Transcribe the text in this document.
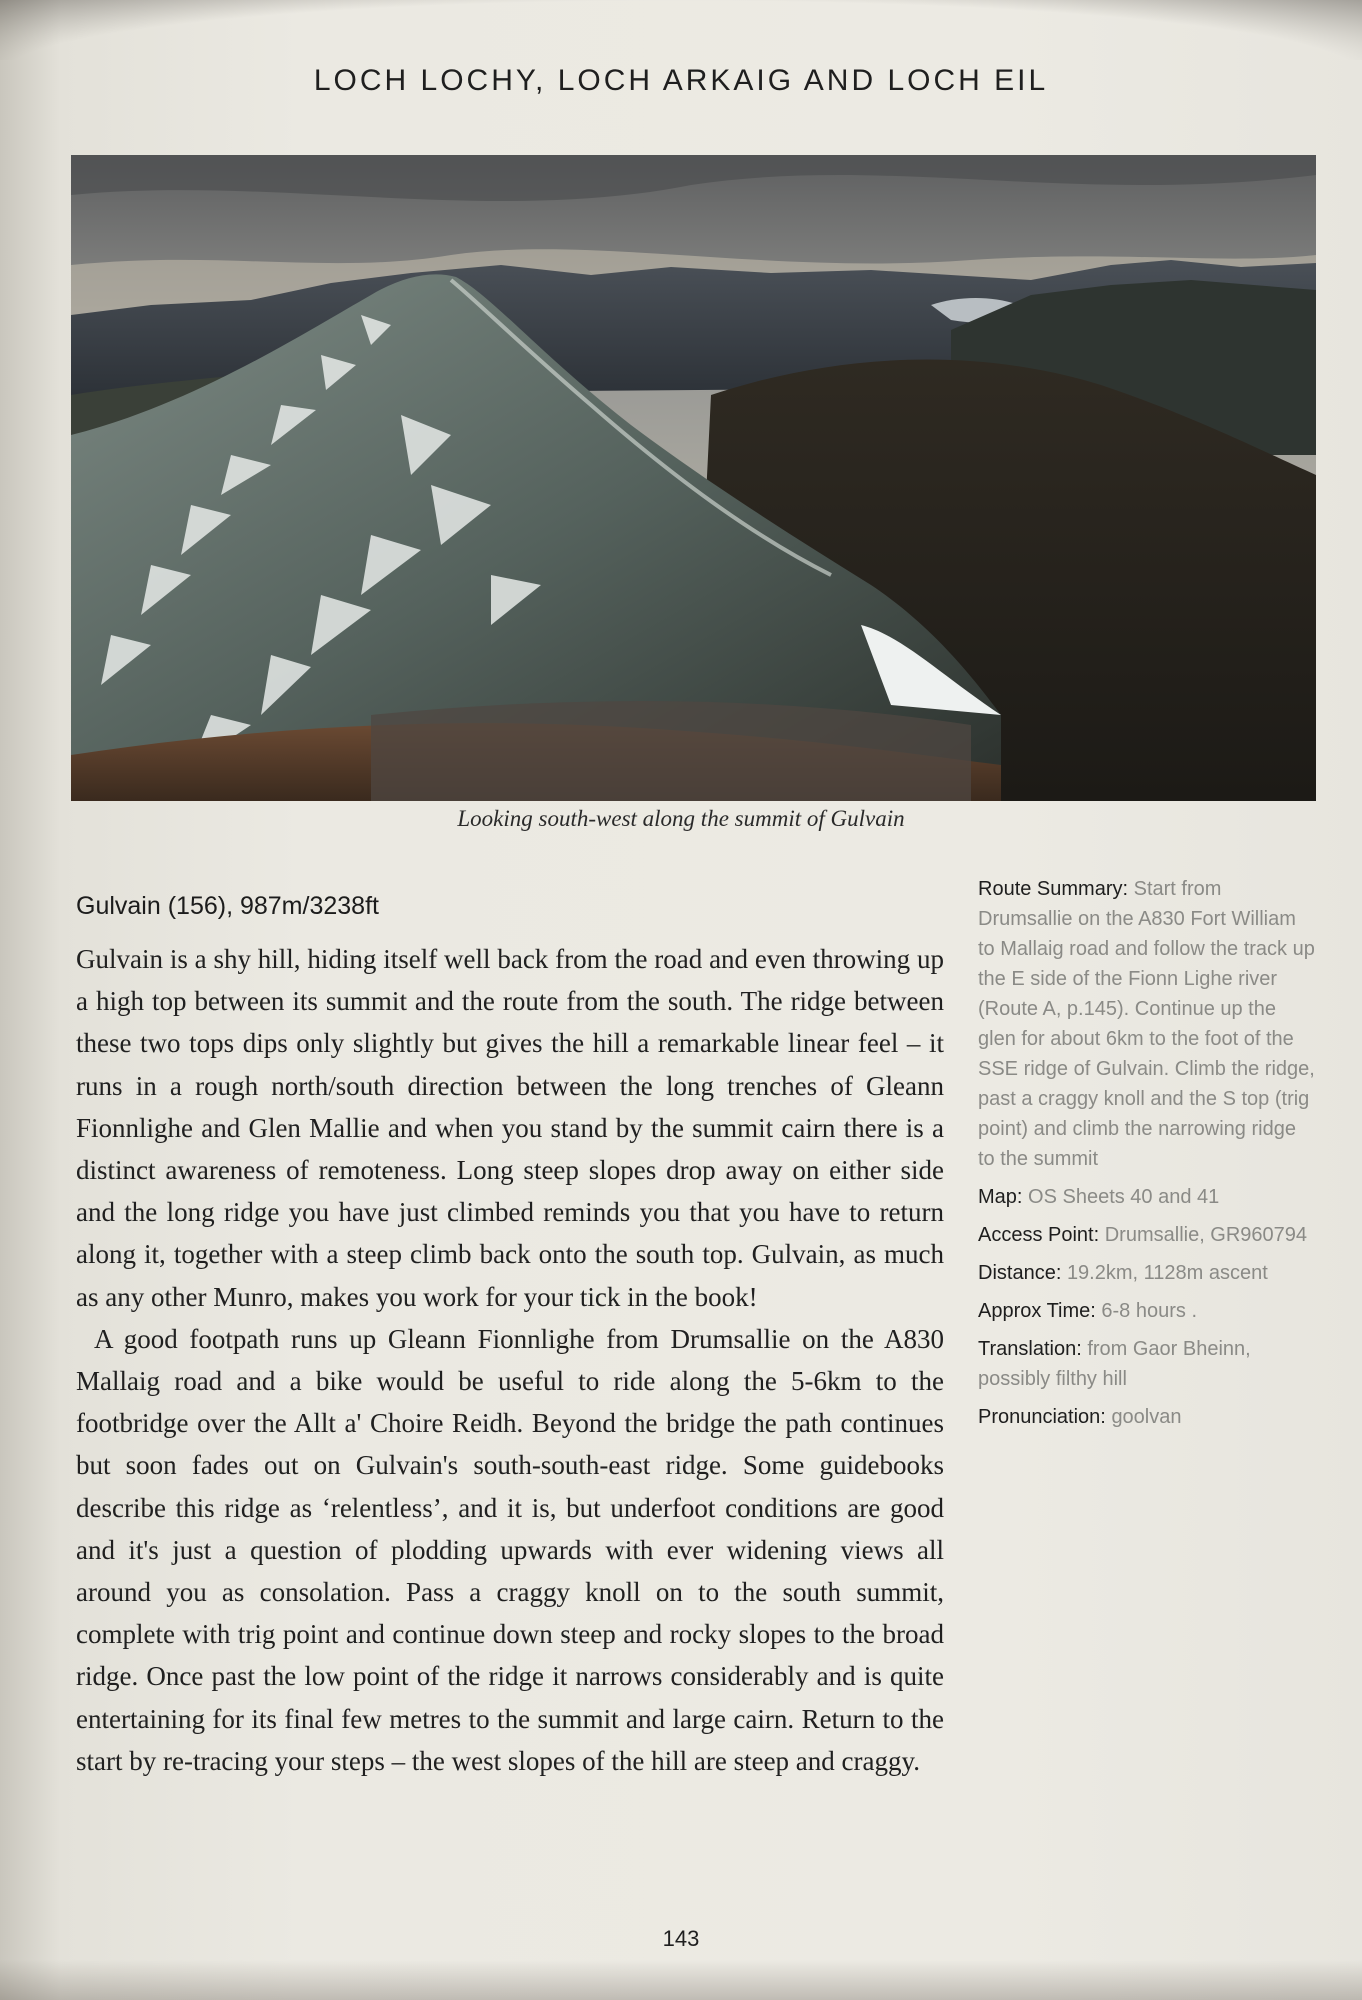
LOCH LOCHY, LOCH ARKAIG AND LOCH EIL
Looking south-west along the summit of Gulvain
Gulvain (156), 987m/3238ft

Gulvain is a shy hill, hiding itself well back from the road and even throwing up a high top between its summit and the route from the south. The ridge between these two tops dips only slightly but gives the hill a remarkable linear feel – it runs in a rough north/south direction between the long trenches of Gleann Fionnlighe and Glen Mallie and when you stand by the summit cairn there is a distinct awareness of remoteness. Long steep slopes drop away on either side and the long ridge you have just climbed reminds you that you have to return along it, together with a steep climb back onto the south top. Gulvain, as much as any other Munro, makes you work for your tick in the book!

A good footpath runs up Gleann Fionnlighe from Drumsallie on the A830 Mallaig road and a bike would be useful to ride along the 5-6km to the footbridge over the Allt a' Choire Reidh. Beyond the bridge the path continues but soon fades out on Gulvain's south-south-east ridge. Some guidebooks describe this ridge as ‘relentless’, and it is, but underfoot conditions are good and it's just a question of plodding upwards with ever widening views all around you as consolation. Pass a craggy knoll on to the south summit, complete with trig point and continue down steep and rocky slopes to the broad ridge. Once past the low point of the ridge it narrows considerably and is quite entertaining for its final few metres to the summit and large cairn. Return to the start by re-tracing your steps – the west slopes of the hill are steep and craggy.

Route Summary: Start from Drumsallie on the A830 Fort William to Mallaig road and follow the track up the E side of the Fionn Lighe river (Route A, p.145). Continue up the glen for about 6km to the foot of the SSE ridge of Gulvain. Climb the ridge, past a craggy knoll and the S top (trig point) and climb the narrowing ridge to the summit
Map: OS Sheets 40 and 41
Access Point: Drumsallie, GR960794
Distance: 19.2km, 1128m ascent
Approx Time: 6-8 hours .
Translation: from Gaor Bheinn, possibly filthy hill
Pronunciation: goolvan
143
